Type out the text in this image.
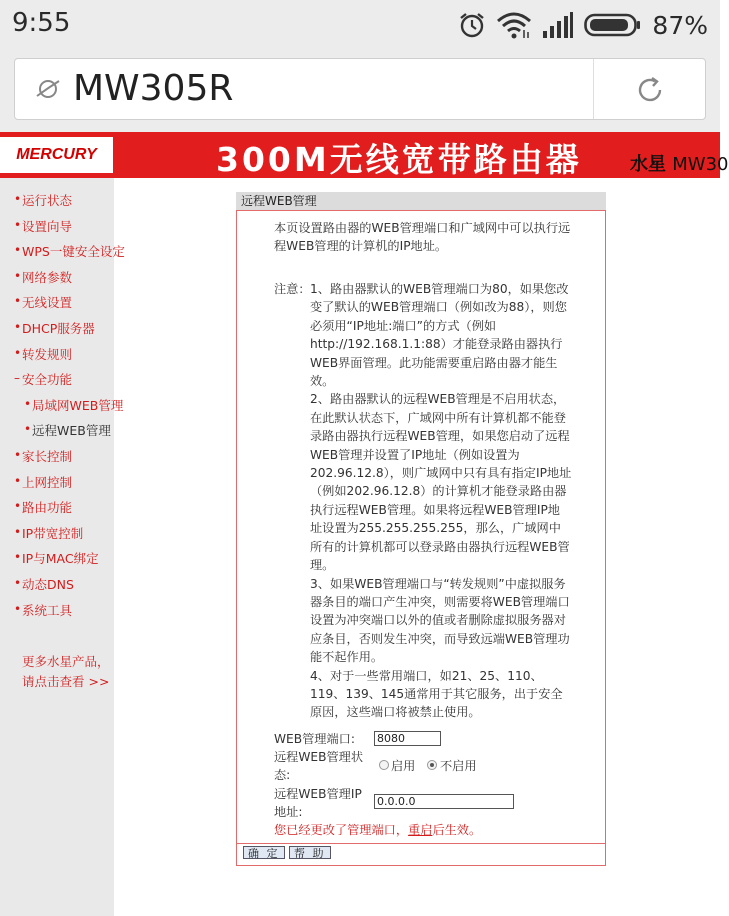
9:55	87%
MW305R
MERCURY	300M无线宽带路由器	水星 MW30
• 运行状态
• 设置向导
• WPS一键安全设定
• 网络参数
• 无线设置
• DHCP服务器
• 转发规则
– 安全功能
• 局域网WEB管理
• 远程WEB管理
• 家长控制
• 上网控制
• 路由功能
• IP带宽控制
• IP与MAC绑定
• 动态DNS
• 系统工具
更多水星产品，
请点击查看 >>
远程WEB管理
本页设置路由器的WEB管理端口和广域网中可以执行远程WEB管理的计算机的IP地址。
注意： 1、路由器默认的WEB管理端口为80，如果您改变了默认的WEB管理端口（例如改为88），则您必须用“IP地址:端口”的方式（例如http://192.168.1.1:88）才能登录路由器执行WEB界面管理。此功能需要重启路由器才能生效。

2、路由器默认的远程WEB管理是不启用状态，在此默认状态下，广域网中所有计算机都不能登录路由器执行远程WEB管理，如果您启动了远程WEB管理并设置了IP地址（例如设置为202.96.12.8），则广域网中只有具有指定IP地址（例如202.96.12.8）的计算机才能登录路由器执行远程WEB管理。如果将远程WEB管理IP地址设置为255.255.255.255，那么，广域网中所有的计算机都可以登录路由器执行远程WEB管理。

3、如果WEB管理端口与“转发规则”中虚拟服务器条目的端口产生冲突，则需要将WEB管理端口设置为冲突端口以外的值或者删除虚拟服务器对应条目，否则发生冲突，而导致远端WEB管理功能不起作用。

4、对于一些常用端口，如21、25、110、119、139、145通常用于其它服务，出于安全原因，这些端口将被禁止使用。

WEB管理端口:
8080
远程WEB管理状态:
启用 不启用
远程WEB管理IP地址:
0.0.0.0
您已经更改了管理端口，重启后生效。
确 定	帮 助
